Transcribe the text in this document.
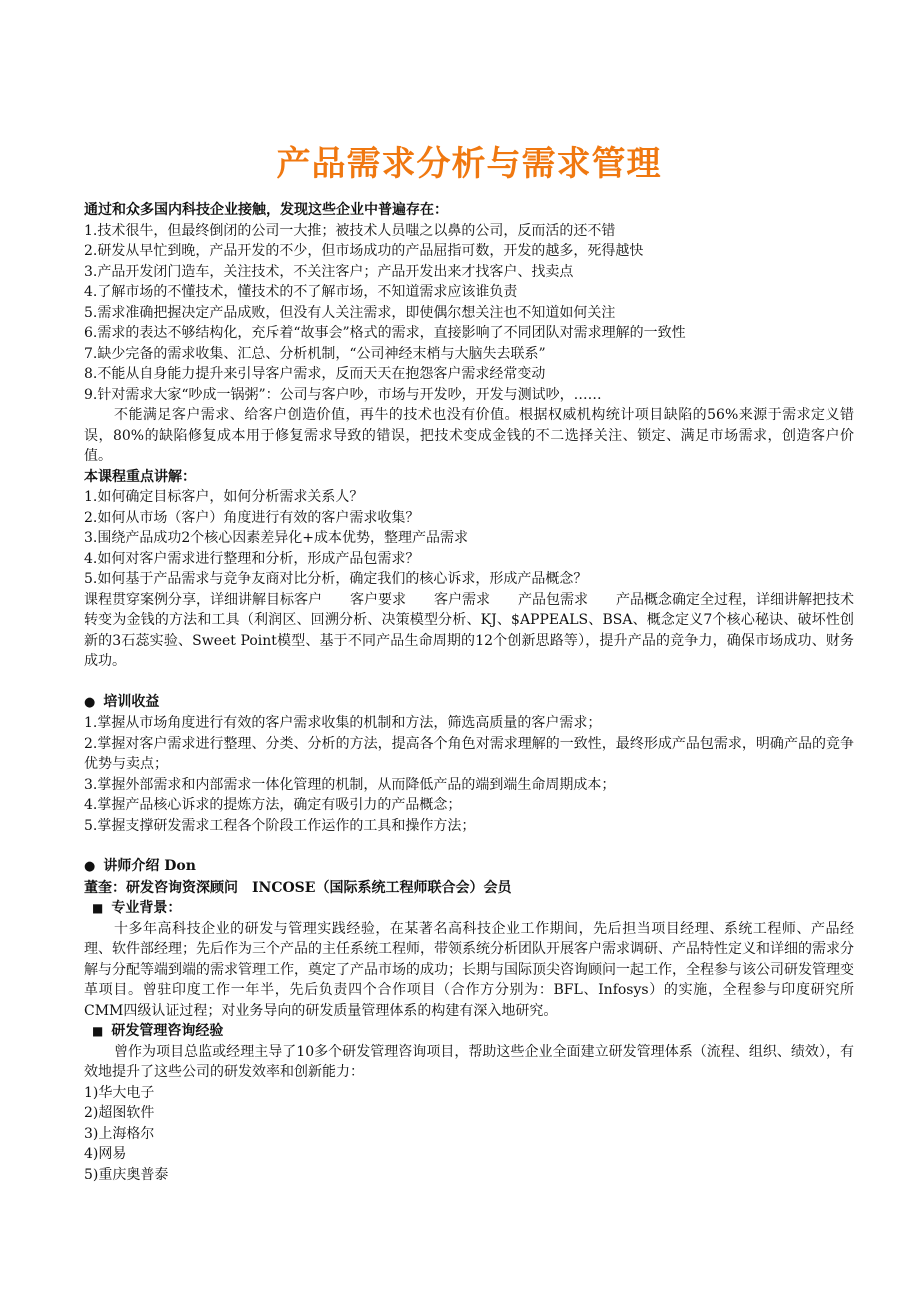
产品需求分析与需求管理
通过和众多国内科技企业接触，发现这些企业中普遍存在：
1.技术很牛，但最终倒闭的公司一大推；被技术人员嗤之以鼻的公司，反而活的还不错
2.研发从早忙到晚，产品开发的不少，但市场成功的产品屈指可数，开发的越多，死得越快
3.产品开发闭门造车，关注技术，不关注客户；产品开发出来才找客户、找卖点
4.了解市场的不懂技术，懂技术的不了解市场，不知道需求应该谁负责
5.需求准确把握决定产品成败，但没有人关注需求，即使偶尔想关注也不知道如何关注
6.需求的表达不够结构化，充斥着“故事会”格式的需求，直接影响了不同团队对需求理解的一致性
7.缺少完备的需求收集、汇总、分析机制，“公司神经末梢与大脑失去联系”
8.不能从自身能力提升来引导客户需求，反而天天在抱怨客户需求经常变动
9.针对需求大家“吵成一锅粥”：公司与客户吵，市场与开发吵，开发与测试吵，……
不能满足客户需求、给客户创造价值，再牛的技术也没有价值。根据权威机构统计项目缺陷的56%来源于需求定义错误，80%的缺陷修复成本用于修复需求导致的错误，把技术变成金钱的不二选择关注、锁定、满足市场需求，创造客户价值。
本课程重点讲解：
1.如何确定目标客户，如何分析需求关系人？
2.如何从市场（客户）角度进行有效的客户需求收集？
3.围绕产品成功2个核心因素差异化+成本优势，整理产品需求
4.如何对客户需求进行整理和分析，形成产品包需求？
5.如何基于产品需求与竞争友商对比分析，确定我们的核心诉求，形成产品概念？
课程贯穿案例分享，详细讲解目标客户　　客户要求　　客户需求　　产品包需求　　产品概念确定全过程，详细讲解把技术转变为金钱的方法和工具（利润区、回溯分析、决策模型分析、KJ、$APPEALS、BSA、概念定义7个核心秘诀、破坏性创新的3石蕊实验、Sweet Point模型、基于不同产品生命周期的12个创新思路等），提升产品的竞争力，确保市场成功、财务成功。
● 培训收益
1.掌握从市场角度进行有效的客户需求收集的机制和方法，筛选高质量的客户需求；
2.掌握对客户需求进行整理、分类、分析的方法，提高各个角色对需求理解的一致性，最终形成产品包需求，明确产品的竞争优势与卖点；
3.掌握外部需求和内部需求一体化管理的机制，从而降低产品的端到端生命周期成本；
4.掌握产品核心诉求的提炼方法，确定有吸引力的产品概念；
5.掌握支撑研发需求工程各个阶段工作运作的工具和操作方法；
● 讲师介绍 Don
董奎：研发咨询资深顾问　INCOSE（国际系统工程师联合会）会员
■ 专业背景：
十多年高科技企业的研发与管理实践经验，在某著名高科技企业工作期间，先后担当项目经理、系统工程师、产品经理、软件部经理；先后作为三个产品的主任系统工程师，带领系统分析团队开展客户需求调研、产品特性定义和详细的需求分解与分配等端到端的需求管理工作，奠定了产品市场的成功；长期与国际顶尖咨询顾问一起工作，全程参与该公司研发管理变革项目。曾驻印度工作一年半，先后负责四个合作项目（合作方分别为：BFL、Infosys）的实施，全程参与印度研究所CMM四级认证过程；对业务导向的研发质量管理体系的构建有深入地研究。
■ 研发管理咨询经验
曾作为项目总监或经理主导了10多个研发管理咨询项目，帮助这些企业全面建立研发管理体系（流程、组织、绩效），有效地提升了这些公司的研发效率和创新能力：
1)华大电子
2)超图软件
3)上海格尔
4)网易
5)重庆奥普泰
